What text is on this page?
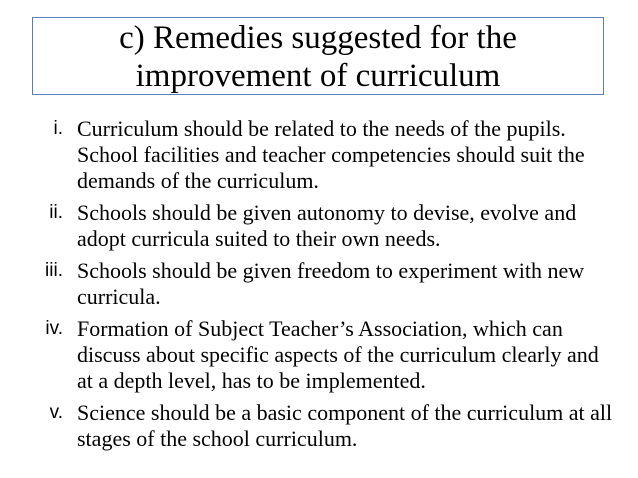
c) Remedies suggested for the
improvement of curriculum
i. Curriculum should be related to the needs of the pupils. School facilities and teacher competencies should suit the demands of the curriculum.
ii. Schools should be given autonomy to devise, evolve and adopt curricula suited to their own needs.
iii. Schools should be given freedom to experiment with new curricula.
iv. Formation of Subject Teacher’s Association, which can discuss about specific aspects of the curriculum clearly and at a depth level, has to be implemented.
v. Science should be a basic component of the curriculum at all stages of the school curriculum.
